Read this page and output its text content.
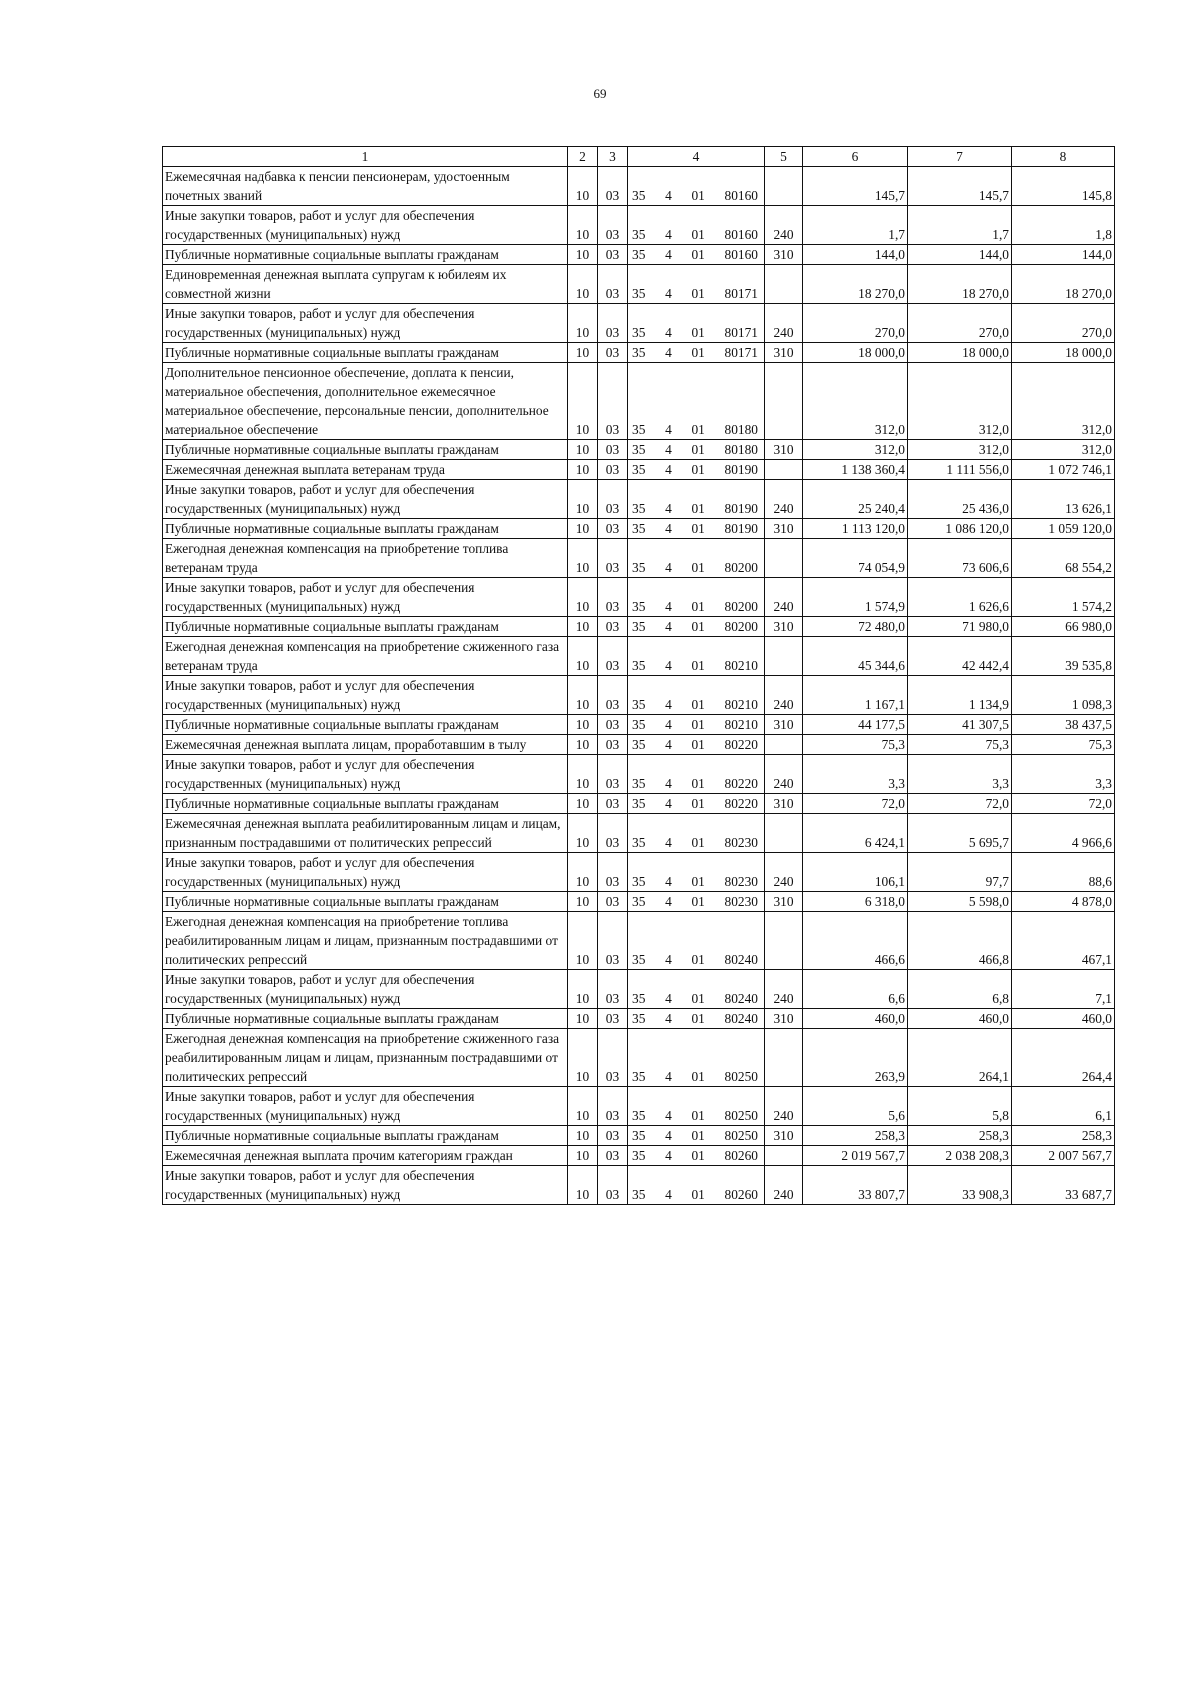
69
1	2	3	4	5	6	7	8
Ежемесячная надбавка к пенсии пенсионерам, удостоенным почетных званий	10	03	35 4 01 80160		145,7	145,7	145,8
Иные закупки товаров, работ и услуг для обеспечения государственных (муниципальных) нужд	10	03	35 4 01 80160	240	1,7	1,7	1,8
Публичные нормативные социальные выплаты гражданам	10	03	35 4 01 80160	310	144,0	144,0	144,0
Единовременная денежная выплата супругам к юбилеям их совместной жизни	10	03	35 4 01 80171		18 270,0	18 270,0	18 270,0
Иные закупки товаров, работ и услуг для обеспечения государственных (муниципальных) нужд	10	03	35 4 01 80171	240	270,0	270,0	270,0
Публичные нормативные социальные выплаты гражданам	10	03	35 4 01 80171	310	18 000,0	18 000,0	18 000,0
Дополнительное пенсионное обеспечение, доплата к пенсии, материальное обеспечения, дополнительное ежемесячное материальное обеспечение, персональные пенсии, дополнительное материальное обеспечение	10	03	35 4 01 80180		312,0	312,0	312,0
Публичные нормативные социальные выплаты гражданам	10	03	35 4 01 80180	310	312,0	312,0	312,0
Ежемесячная денежная выплата ветеранам труда	10	03	35 4 01 80190		1 138 360,4	1 111 556,0	1 072 746,1
Иные закупки товаров, работ и услуг для обеспечения государственных (муниципальных) нужд	10	03	35 4 01 80190	240	25 240,4	25 436,0	13 626,1
Публичные нормативные социальные выплаты гражданам	10	03	35 4 01 80190	310	1 113 120,0	1 086 120,0	1 059 120,0
Ежегодная денежная компенсация на приобретение топлива ветеранам труда	10	03	35 4 01 80200		74 054,9	73 606,6	68 554,2
Иные закупки товаров, работ и услуг для обеспечения государственных (муниципальных) нужд	10	03	35 4 01 80200	240	1 574,9	1 626,6	1 574,2
Публичные нормативные социальные выплаты гражданам	10	03	35 4 01 80200	310	72 480,0	71 980,0	66 980,0
Ежегодная денежная компенсация на приобретение сжиженного газа ветеранам труда	10	03	35 4 01 80210		45 344,6	42 442,4	39 535,8
Иные закупки товаров, работ и услуг для обеспечения государственных (муниципальных) нужд	10	03	35 4 01 80210	240	1 167,1	1 134,9	1 098,3
Публичные нормативные социальные выплаты гражданам	10	03	35 4 01 80210	310	44 177,5	41 307,5	38 437,5
Ежемесячная денежная выплата лицам, проработавшим в тылу	10	03	35 4 01 80220		75,3	75,3	75,3
Иные закупки товаров, работ и услуг для обеспечения государственных (муниципальных) нужд	10	03	35 4 01 80220	240	3,3	3,3	3,3
Публичные нормативные социальные выплаты гражданам	10	03	35 4 01 80220	310	72,0	72,0	72,0
Ежемесячная денежная выплата реабилитированным лицам и лицам, признанным пострадавшими от политических репрессий	10	03	35 4 01 80230		6 424,1	5 695,7	4 966,6
Иные закупки товаров, работ и услуг для обеспечения государственных (муниципальных) нужд	10	03	35 4 01 80230	240	106,1	97,7	88,6
Публичные нормативные социальные выплаты гражданам	10	03	35 4 01 80230	310	6 318,0	5 598,0	4 878,0
Ежегодная денежная компенсация на приобретение топлива реабилитированным лицам и лицам, признанным пострадавшими от политических репрессий	10	03	35 4 01 80240		466,6	466,8	467,1
Иные закупки товаров, работ и услуг для обеспечения государственных (муниципальных) нужд	10	03	35 4 01 80240	240	6,6	6,8	7,1
Публичные нормативные социальные выплаты гражданам	10	03	35 4 01 80240	310	460,0	460,0	460,0
Ежегодная денежная компенсация на приобретение сжиженного газа реабилитированным лицам и лицам, признанным пострадавшими от политических репрессий	10	03	35 4 01 80250		263,9	264,1	264,4
Иные закупки товаров, работ и услуг для обеспечения государственных (муниципальных) нужд	10	03	35 4 01 80250	240	5,6	5,8	6,1
Публичные нормативные социальные выплаты гражданам	10	03	35 4 01 80250	310	258,3	258,3	258,3
Ежемесячная денежная выплата прочим категориям граждан	10	03	35 4 01 80260		2 019 567,7	2 038 208,3	2 007 567,7
Иные закупки товаров, работ и услуг для обеспечения государственных (муниципальных) нужд	10	03	35 4 01 80260	240	33 807,7	33 908,3	33 687,7
